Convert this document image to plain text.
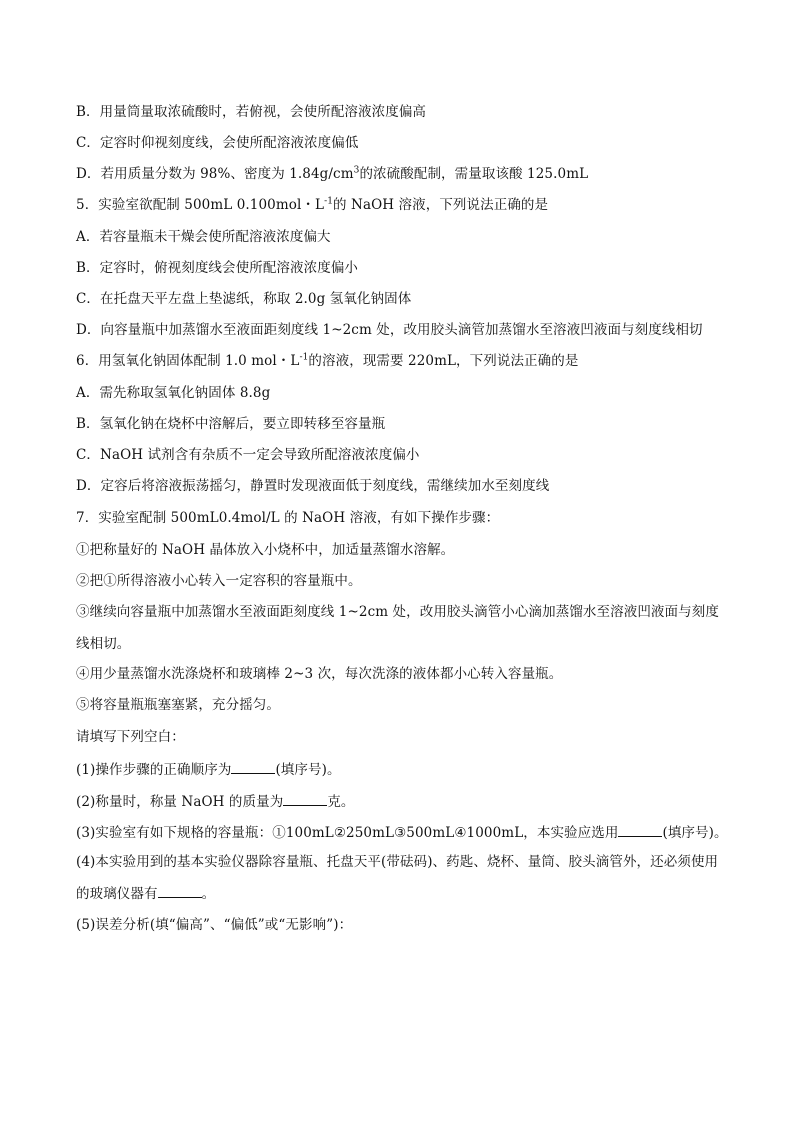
B．用量筒量取浓硫酸时，若俯视，会使所配溶液浓度偏高
C．定容时仰视刻度线，会使所配溶液浓度偏低
D．若用质量分数为 98%、密度为 $1.84g/cm^3$的浓硫酸配制，需量取该酸 125.0mL
5．实验室欲配制 500mL 0.100mol・$L^{-1}$的 NaOH 溶液，下列说法正确的是
A．若容量瓶未干燥会使所配溶液浓度偏大
B．定容时，俯视刻度线会使所配溶液浓度偏小
C．在托盘天平左盘上垫滤纸，称取 2.0g 氢氧化钠固体
D．向容量瓶中加蒸馏水至液面距刻度线 1~2cm 处，改用胶头滴管加蒸馏水至溶液凹液面与刻度线相切
6．用氢氧化钠固体配制 1.0 mol・$L^{-1}$的溶液，现需要 220mL，下列说法正确的是
A．需先称取氢氧化钠固体 8.8g
B．氢氧化钠在烧杯中溶解后，要立即转移至容量瓶
C．NaOH 试剂含有杂质不一定会导致所配溶液浓度偏小
D．定容后将溶液振荡摇匀，静置时发现液面低于刻度线，需继续加水至刻度线
7．实验室配制 500mL0.4mol/L 的 NaOH 溶液，有如下操作步骤：
①把称量好的 NaOH 晶体放入小烧杯中，加适量蒸馏水溶解。
②把①所得溶液小心转入一定容积的容量瓶中。
③继续向容量瓶中加蒸馏水至液面距刻度线 1~2cm 处，改用胶头滴管小心滴加蒸馏水至溶液凹液面与刻度线相切。
④用少量蒸馏水洗涤烧杯和玻璃棒 2~3 次，每次洗涤的液体都小心转入容量瓶。
⑤将容量瓶瓶塞塞紧，充分摇匀。
请填写下列空白：
(1)操作步骤的正确顺序为	(填序号)。
(2)称量时，称量 NaOH 的质量为	克。
(3)实验室有如下规格的容量瓶：①100mL②250mL③500mL④1000mL，本实验应选用	(填序号)。
(4)本实验用到的基本实验仪器除容量瓶、托盘天平(带砝码)、药匙、烧杯、量筒、胶头滴管外，还必须使用的玻璃仪器有	。
(5)误差分析(填“偏高”、“偏低”或“无影响”)：
